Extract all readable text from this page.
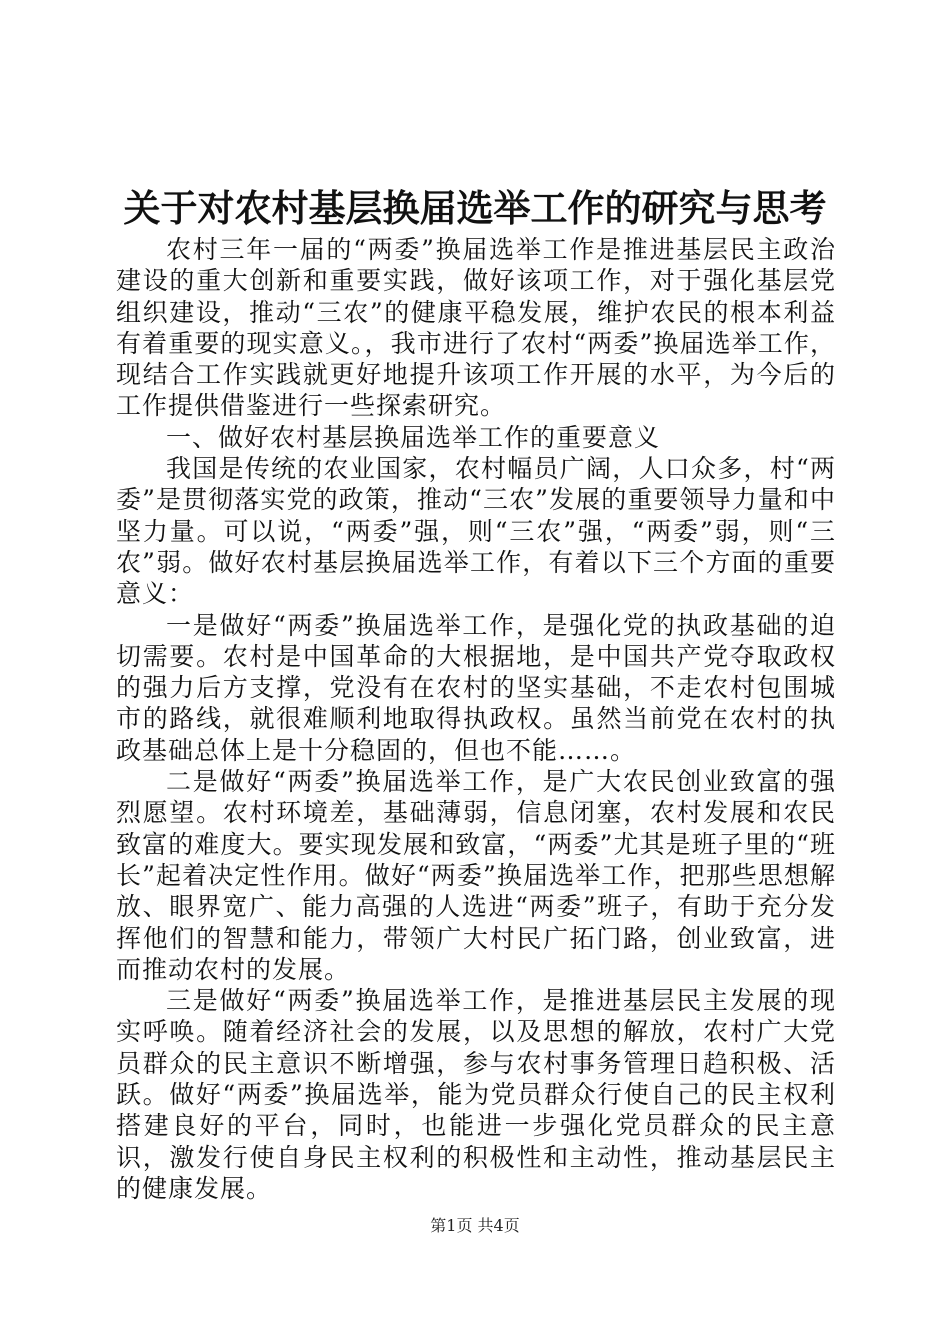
关于对农村基层换届选举工作的研究与思考

农村三年一届的“两委”换届选举工作是推进基层民主政治建设的重大创新和重要实践，做好该项工作，对于强化基层党组织建设，推动“三农”的健康平稳发展，维护农民的根本利益有着重要的现实意义。，我市进行了农村“两委”换届选举工作，现结合工作实践就更好地提升该项工作开展的水平，为今后的工作提供借鉴进行一些探索研究。

一、做好农村基层换届选举工作的重要意义

我国是传统的农业国家，农村幅员广阔，人口众多，村“两委”是贯彻落实党的政策，推动“三农”发展的重要领导力量和中坚力量。可以说，“两委”强，则“三农”强，“两委”弱，则“三农”弱。做好农村基层换届选举工作，有着以下三个方面的重要意义：

一是做好“两委”换届选举工作，是强化党的执政基础的迫切需要。农村是中国革命的大根据地，是中国共产党夺取政权的强力后方支撑，党没有在农村的坚实基础，不走农村包围城市的路线，就很难顺利地取得执政权。虽然当前党在农村的执政基础总体上是十分稳固的，但也不能……。

二是做好“两委”换届选举工作，是广大农民创业致富的强烈愿望。农村环境差，基础薄弱，信息闭塞，农村发展和农民致富的难度大。要实现发展和致富，“两委”尤其是班子里的“班长”起着决定性作用。做好“两委”换届选举工作，把那些思想解放、眼界宽广、能力高强的人选进“两委”班子，有助于充分发挥他们的智慧和能力，带领广大村民广拓门路，创业致富，进而推动农村的发展。

三是做好“两委”换届选举工作，是推进基层民主发展的现实呼唤。随着经济社会的发展，以及思想的解放，农村广大党员群众的民主意识不断增强，参与农村事务管理日趋积极、活跃。做好“两委”换届选举，能为党员群众行使自己的民主权利搭建良好的平台，同时，也能进一步强化党员群众的民主意识，激发行使自身民主权利的积极性和主动性，推动基层民主的健康发展。

第1页 共4页
